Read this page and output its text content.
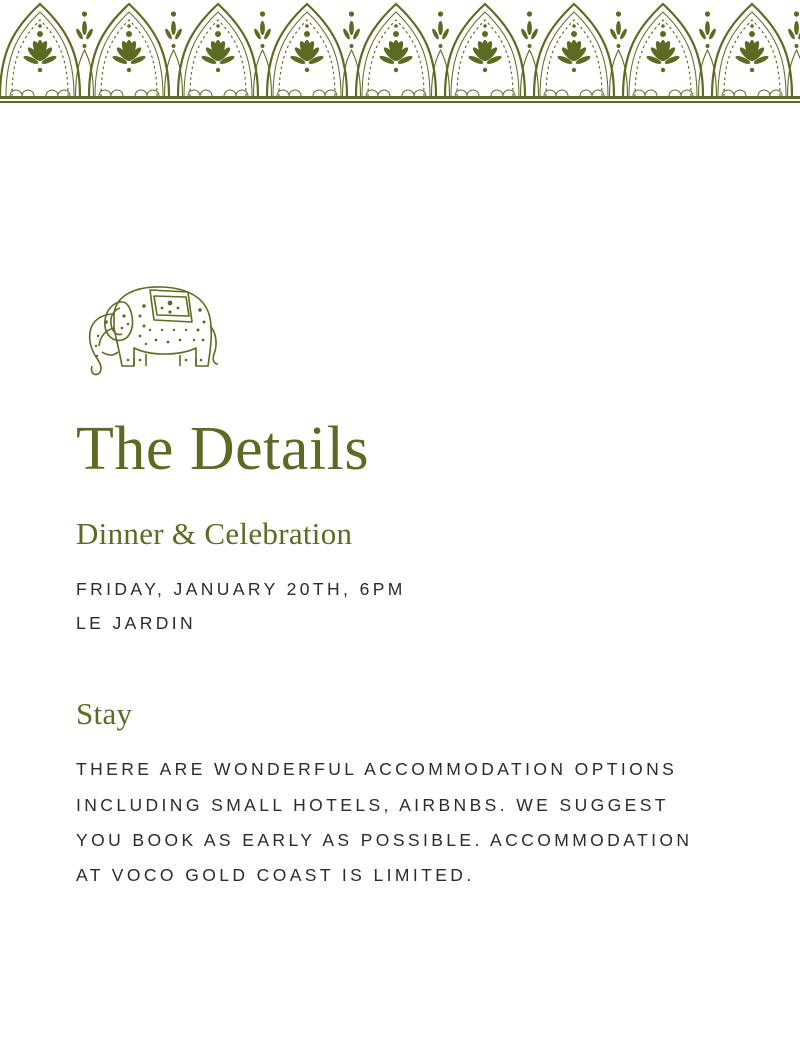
The Details
Dinner & Celebration

FRIDAY, JANUARY 20TH, 6PM

LE JARDIN

Stay

THERE ARE WONDERFUL ACCOMMODATION OPTIONS INCLUDING SMALL HOTELS, AIRBNBS. WE SUGGEST YOU BOOK AS EARLY AS POSSIBLE. ACCOMMODATION AT VOCO GOLD COAST IS LIMITED.
